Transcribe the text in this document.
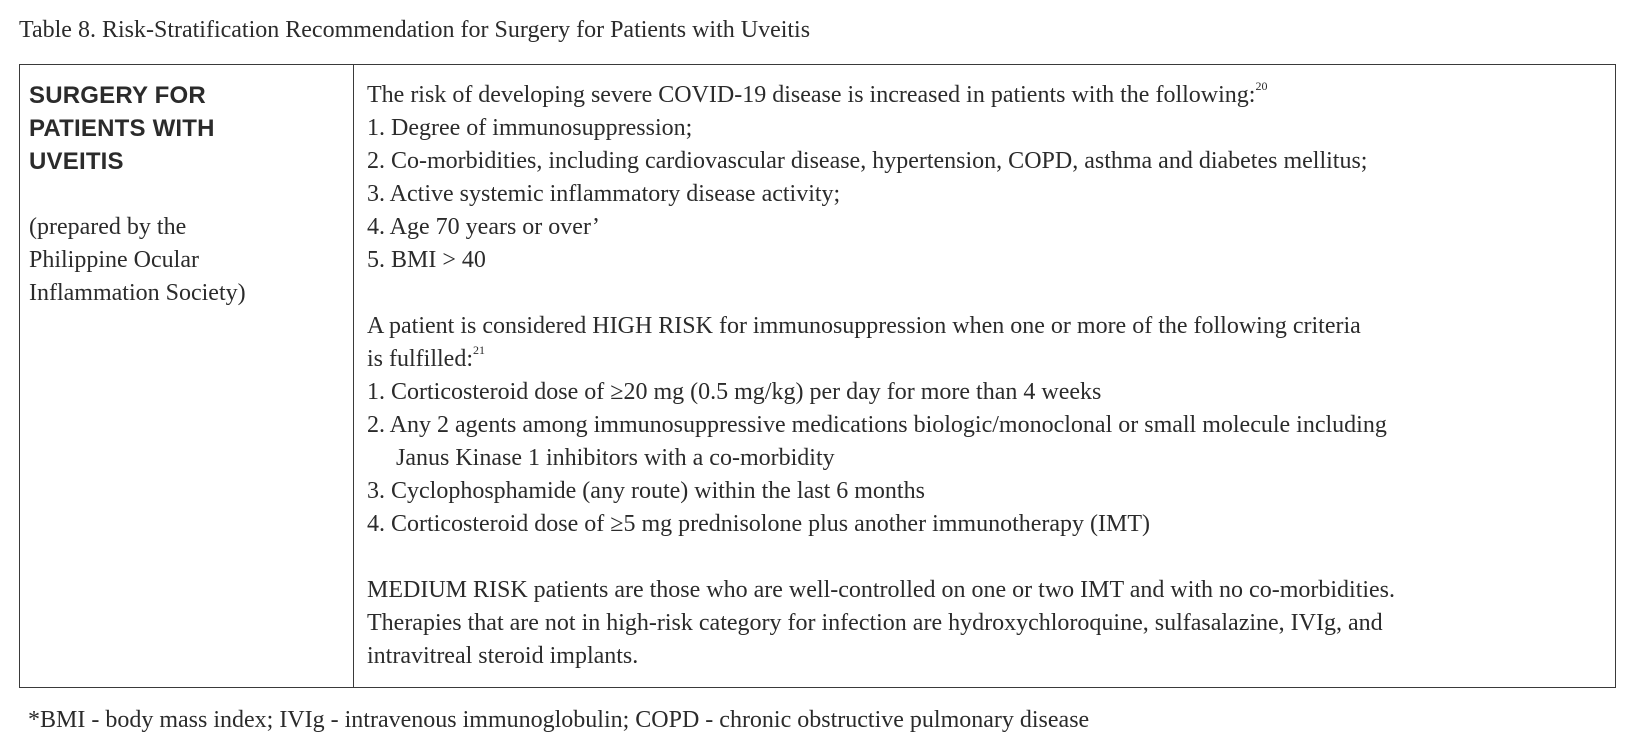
Table 8. Risk-Stratification Recommendation for Surgery for Patients with Uveitis
SURGERY FOR
PATIENTS WITH
UVEITIS
(prepared by the
Philippine Ocular
Inflammation Society)
The risk of developing severe COVID-19 disease is increased in patients with the following:$^{20}$
1. Degree of immunosuppression;
2. Co-morbidities, including cardiovascular disease, hypertension, COPD, asthma and diabetes mellitus;
3. Active systemic inflammatory disease activity;
4. Age 70 years or over’
5. BMI > 40
A patient is considered HIGH RISK for immunosuppression when one or more of the following criteria
is fulfilled:$^{21}$
1. Corticosteroid dose of ≥20 mg (0.5 mg/kg) per day for more than 4 weeks
2. Any 2 agents among immunosuppressive medications biologic/monoclonal or small molecule including
Janus Kinase 1 inhibitors with a co-morbidity
3. Cyclophosphamide (any route) within the last 6 months
4. Corticosteroid dose of ≥5 mg prednisolone plus another immunotherapy (IMT)
MEDIUM RISK patients are those who are well-controlled on one or two IMT and with no co-morbidities.
Therapies that are not in high-risk category for infection are hydroxychloroquine, sulfasalazine, IVIg, and
intravitreal steroid implants.
*BMI - body mass index; IVIg - intravenous immunoglobulin; COPD - chronic obstructive pulmonary disease
